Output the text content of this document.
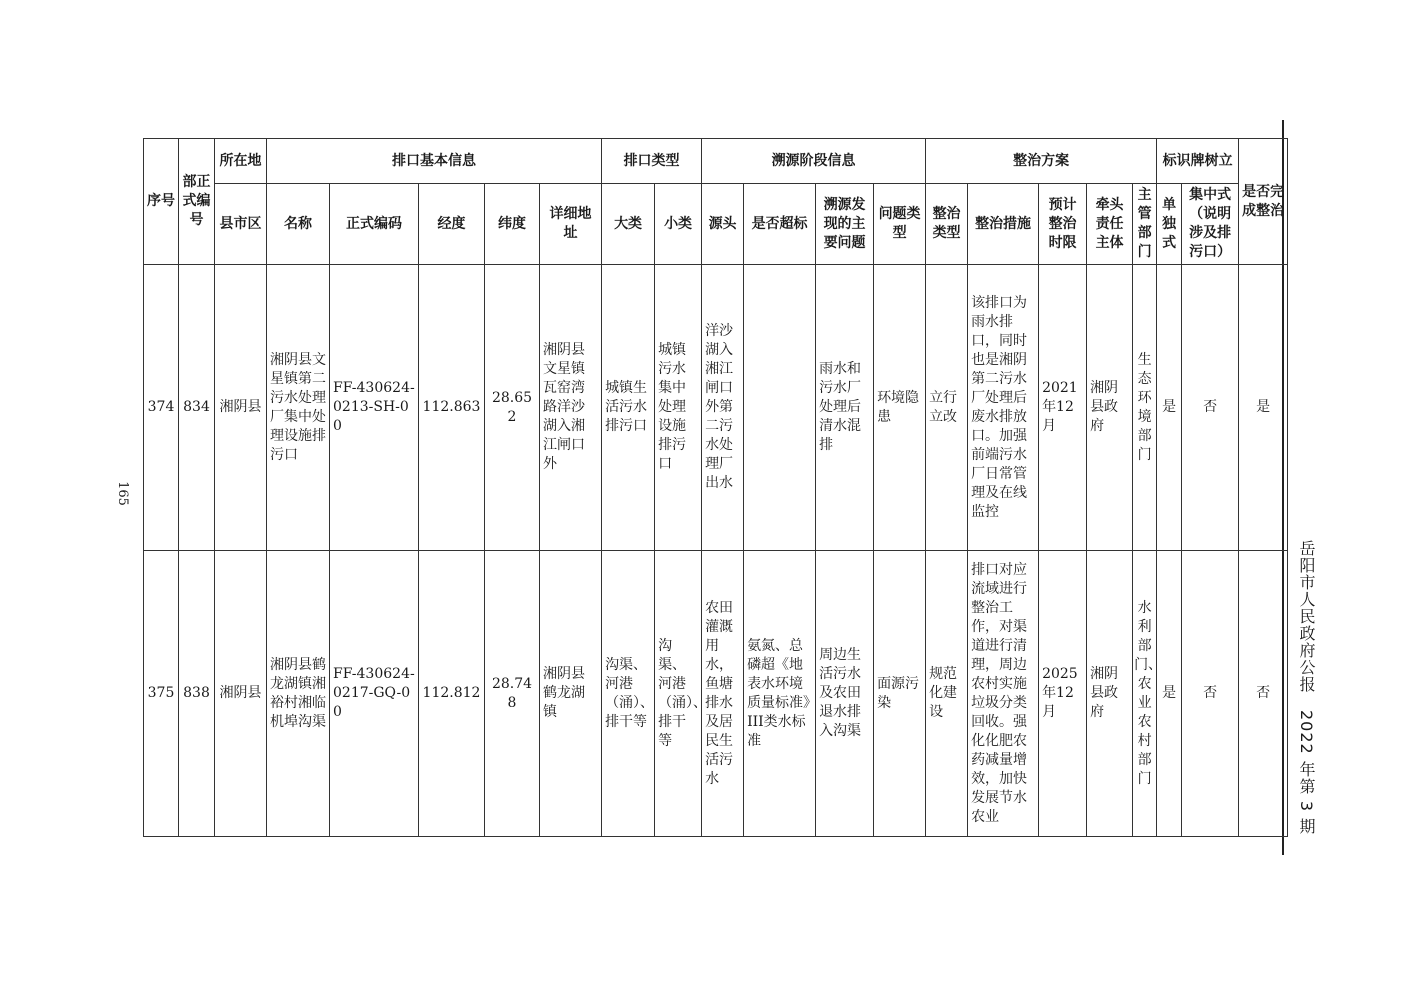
165
岳阳市人民政府公报　2022 年第 3 期
序号	部正式编号	所在地	排口基本信息					排口类型		溯源阶段信息				整治方案					标识牌树立		是否完成整治
		县市区	名称	正式编码	经度	纬度	详细地址	大类	小类	源头	是否超标	溯源发现的主要问题	问题类型	整治类型	整治措施	预计整治时限	牵头责任主体	主管部门	单独式	集中式（说明涉及排污口）	
374	834	湘阴县	湘阴县文星镇第二污水处理厂集中处理设施排污口	FF-430624-0213-SH-00	112.863	28.652	湘阴县文星镇瓦窑湾路洋沙湖入湘江闸口外	城镇生活污水排污口	城镇污水集中处理设施排污口	洋沙湖入湘江闸口外第二污水处理厂出水		雨水和污水厂处理后清水混排	环境隐患	立行立改	该排口为雨水排口，同时也是湘阴第二污水厂处理后废水排放口。加强前端污水厂日常管理及在线监控	2021年12月	湘阴县政府	生态环境部门	是	否	是
375	838	湘阴县	湘阴县鹤龙湖镇湘裕村湘临机埠沟渠	FF-430624-0217-GQ-00	112.812	28.748	湘阴县鹤龙湖镇	沟渠、河港（涌）、排干等	沟渠、河港（涌）、排干等	农田灌溉用水，鱼塘排水及居民生活污水	氨氮、总磷超《地表水环境质量标准》III类水标准	周边生活污水及农田退水排入沟渠	面源污染	规范化建设	排口对应流域进行整治工作，对渠道进行清理，周边农村实施垃圾分类回收。强化化肥农药减量增效，加快发展节水农业	2025年12月	湘阴县政府	水利部门、农业农村部门	是	否	否
